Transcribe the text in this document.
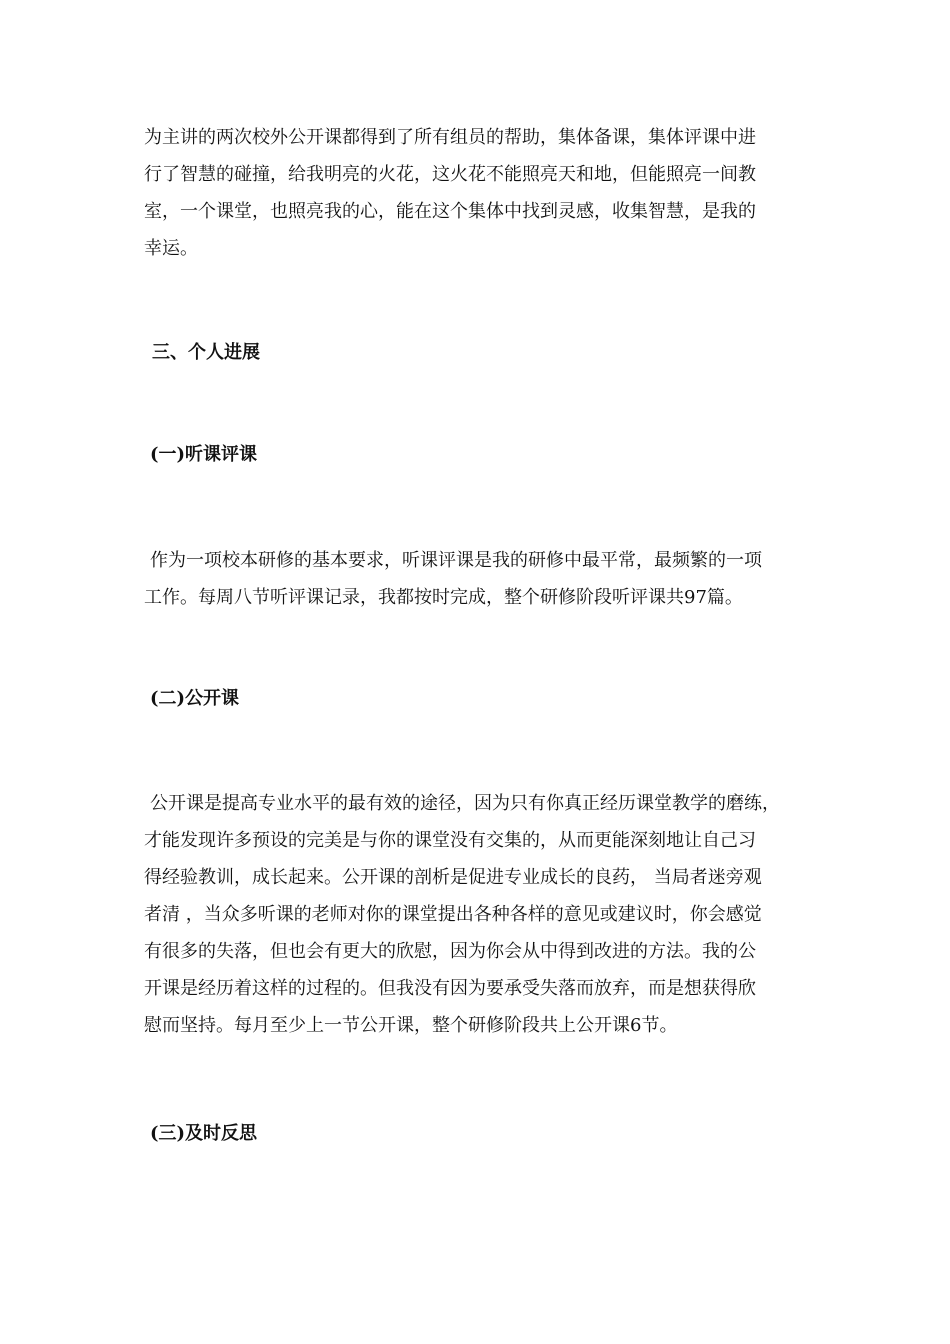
为主讲的两次校外公开课都得到了所有组员的帮助，集体备课，集体评课中进
行了智慧的碰撞，给我明亮的火花，这火花不能照亮天和地，但能照亮一间教
室，一个课堂，也照亮我的心，能在这个集体中找到灵感，收集智慧，是我的
幸运。

三、个人进展
(一)听课评课

作为一项校本研修的基本要求，听课评课是我的研修中最平常，最频繁的一项
工作。每周八节听评课记录，我都按时完成，整个研修阶段听评课共97篇。

(二)公开课

公开课是提高专业水平的最有效的途径，因为只有你真正经历课堂教学的磨练，
才能发现许多预设的完美是与你的课堂没有交集的，从而更能深刻地让自己习
得经验教训，成长起来。公开课的剖析是促进专业成长的良药， 当局者迷旁观
者清 ，当众多听课的老师对你的课堂提出各种各样的意见或建议时，你会感觉
有很多的失落，但也会有更大的欣慰，因为你会从中得到改进的方法。我的公
开课是经历着这样的过程的。但我没有因为要承受失落而放弃，而是想获得欣
慰而坚持。每月至少上一节公开课，整个研修阶段共上公开课6节。

(三)及时反思
